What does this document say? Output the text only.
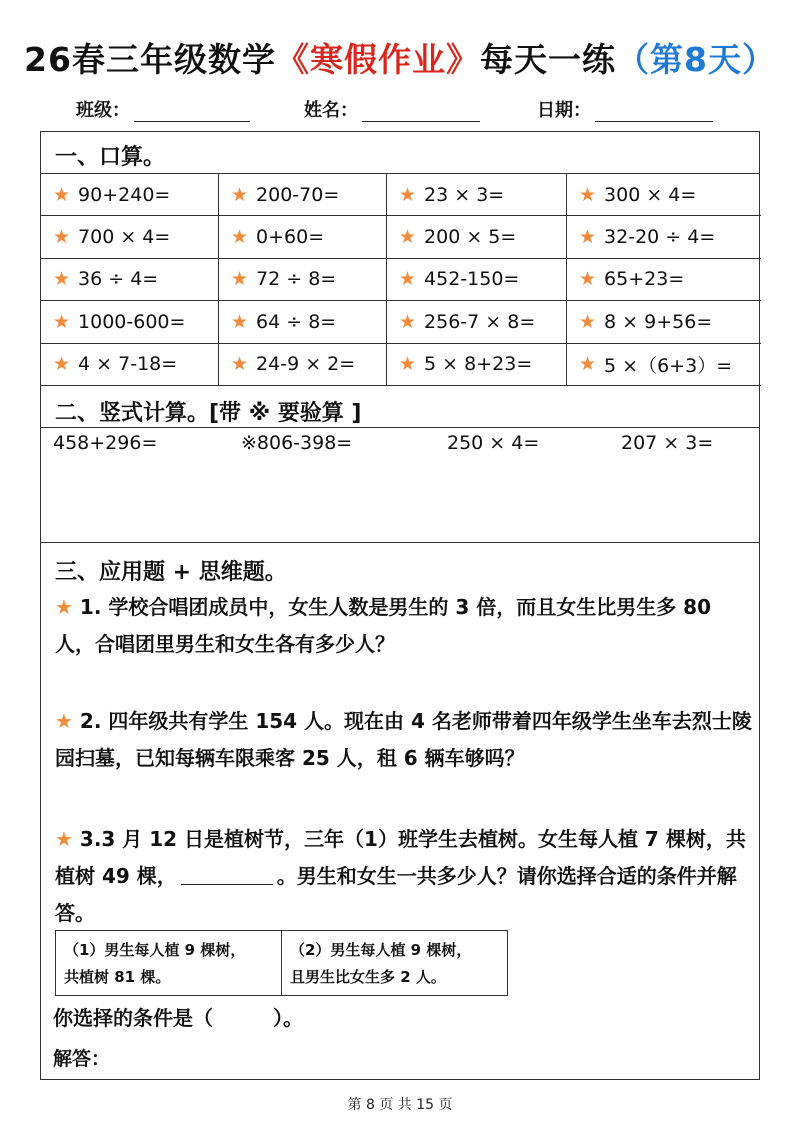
26春三年级数学《寒假作业》每天一练（第8天）
班级：	姓名：	日期：
一、口算。
★ 90+240=	★ 200-70=	★ 23 × 3=	★ 300 × 4=
★ 700 × 4=	★ 0+60=	★ 200 × 5=	★ 32-20 ÷ 4=
★ 36 ÷ 4=	★ 72 ÷ 8=	★ 452-150=	★ 65+23=
★ 1000-600= ★ 64 ÷ 8=	★ 256-7 × 8= ★ 8 × 9+56=
★ 4 × 7-18=	★ 24-9 × 2= ★ 5 × 8+23= ★ 5 ×（6+3）=
二、竖式计算。[带 ※ 要验算 ]
458+296=	※806-398=	250 × 4=	207 × 3=
三、应用题 + 思维题。
★ 1. 学校合唱团成员中，女生人数是男生的 3 倍，而且女生比男生多 80 人，合唱团里男生和女生各有多少人？
★ 2. 四年级共有学生 154 人。现在由 4 名老师带着四年级学生坐车去烈士陵园扫墓，已知每辆车限乘客 25 人，租 6 辆车够吗？
★ 3.3 月 12 日是植树节，三年（1）班学生去植树。女生每人植 7 棵树，共植树 49 棵，	。男生和女生一共多少人？请你选择合适的条件并解答。
（1）男生每人植 9 棵树，
共植树 81 棵。
（2）男生每人植 9 棵树，
且男生比女生多 2 人。
你选择的条件是（　　　）。
解答：
第 8 页 共 15 页
